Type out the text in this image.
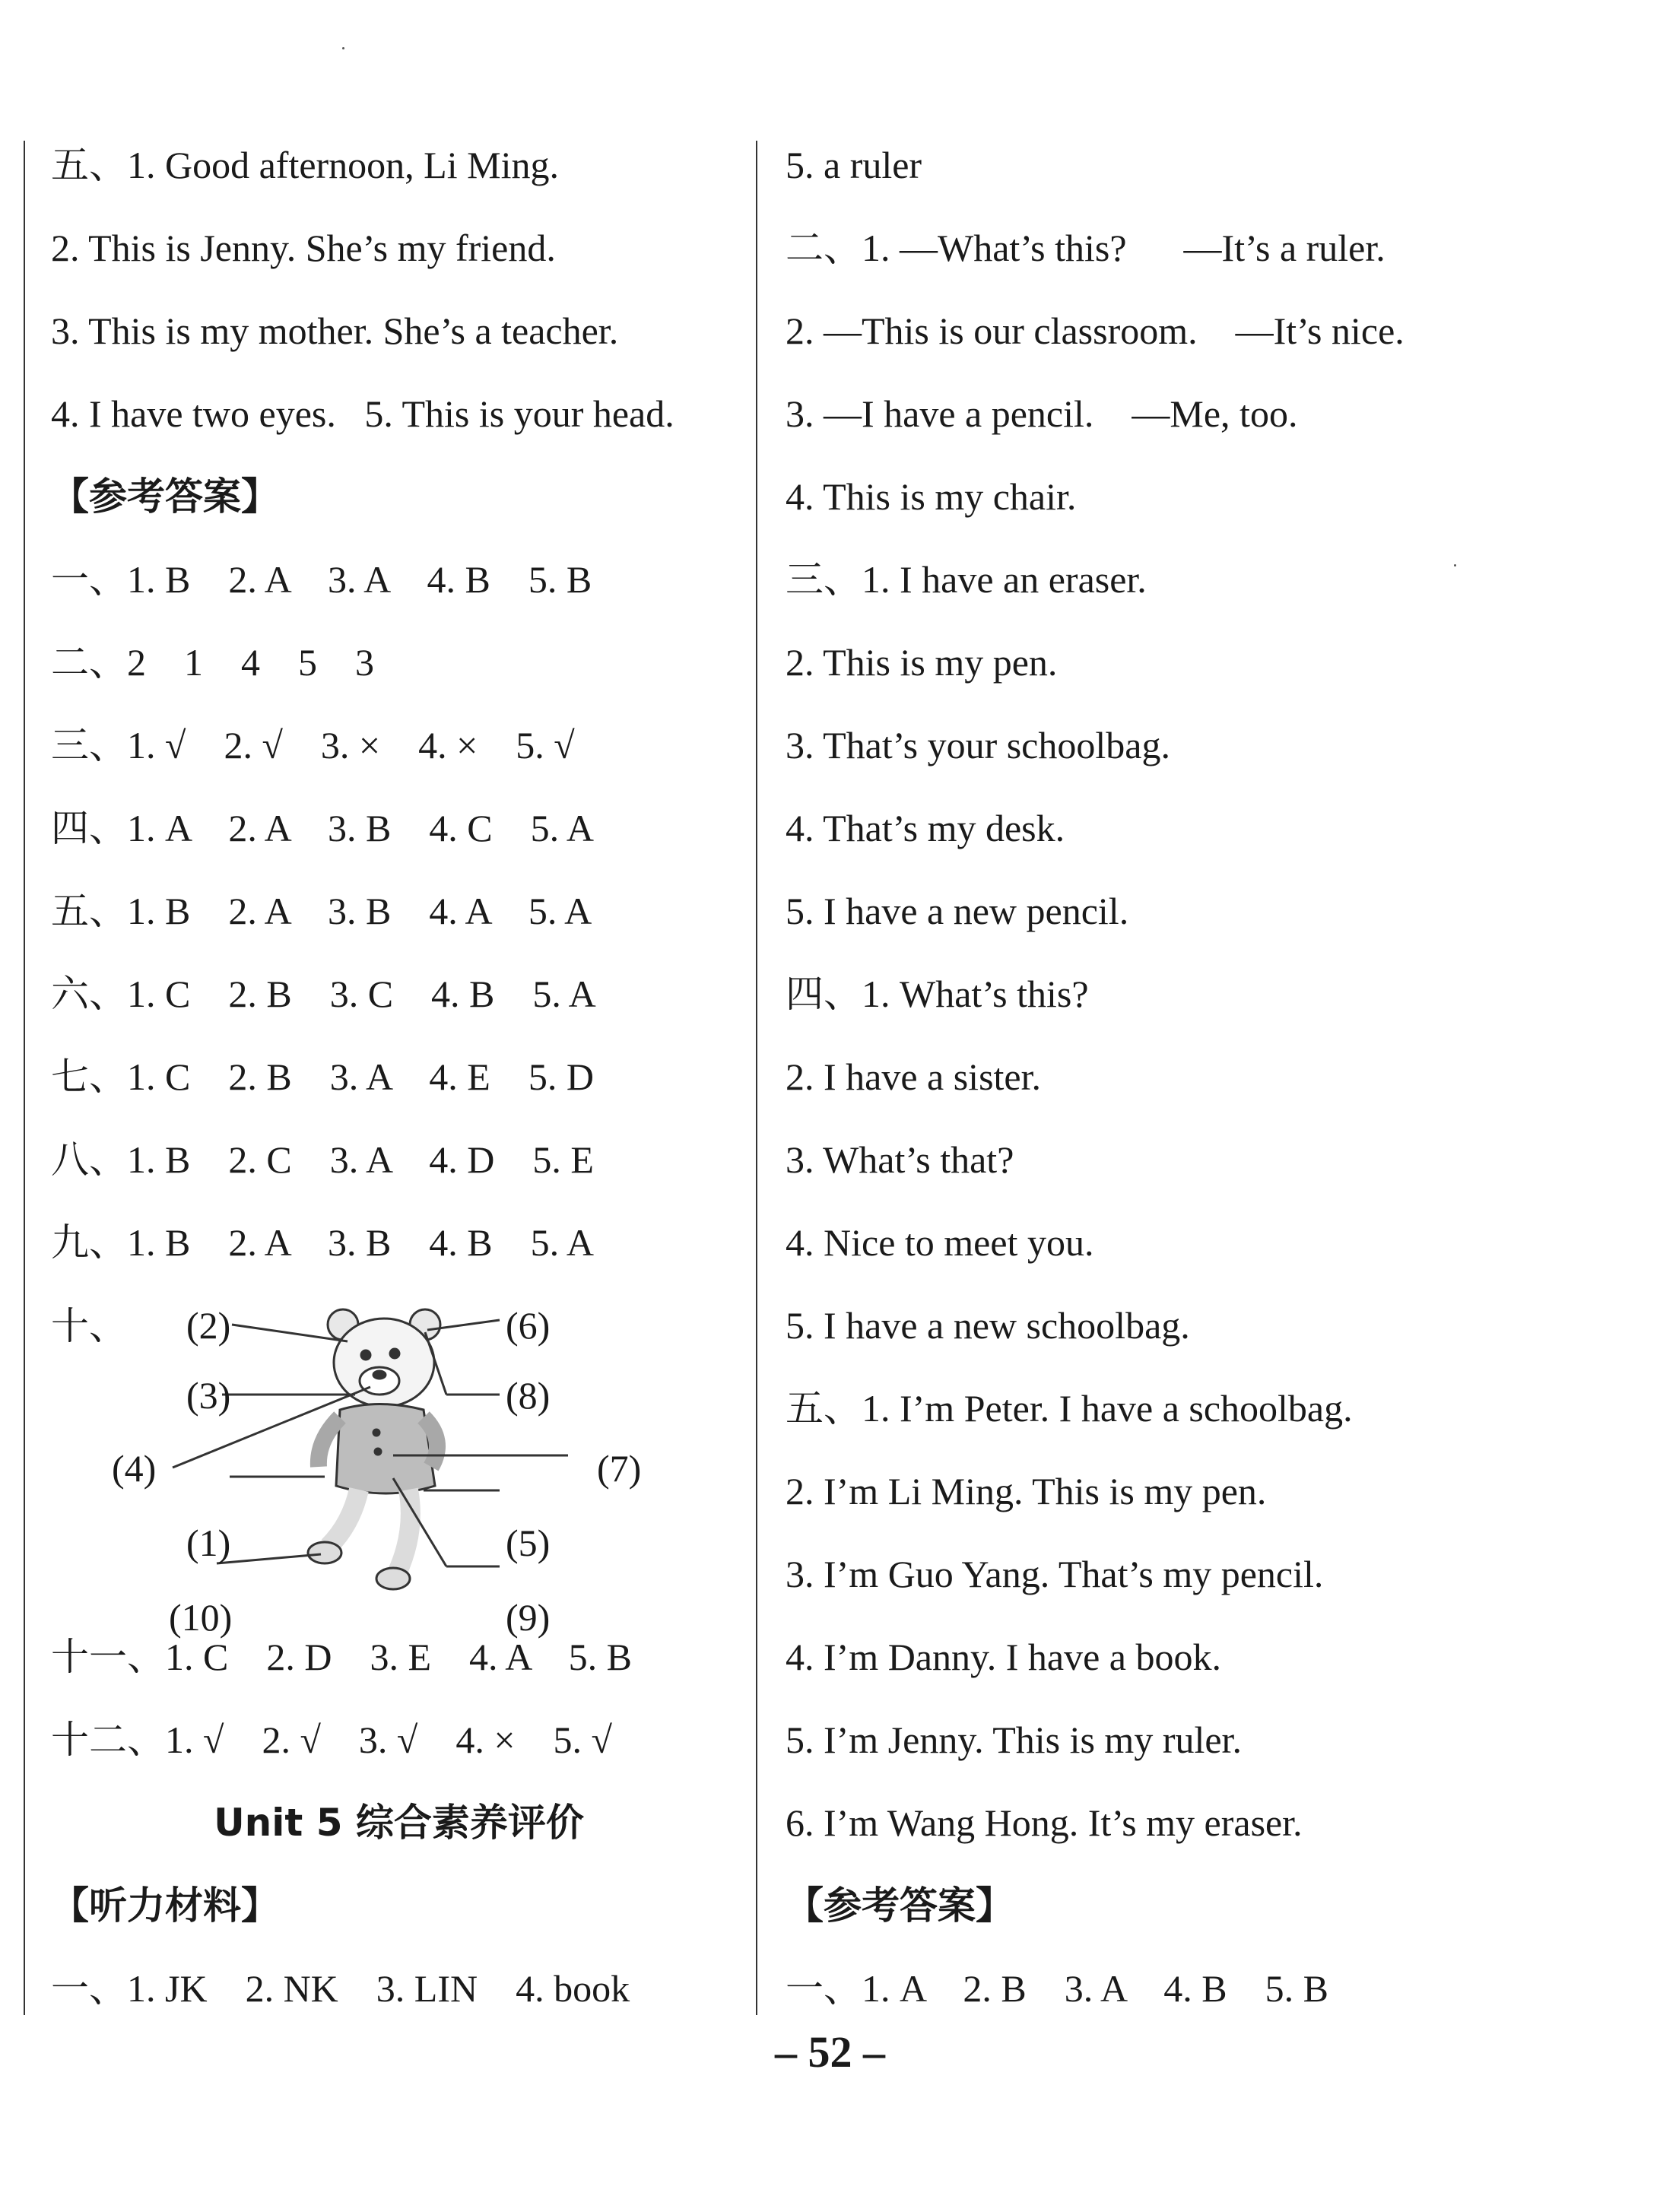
五、1. Good afternoon, Li Ming.
2. This is Jenny. She’s my friend.
3. This is my mother. She’s a teacher.
4. I have two eyes.   5. This is your head.
【参考答案】
一、1. B    2. A    3. A    4. B    5. B
二、2    1    4    5    3
三、1. √    2. √    3. ×    4. ×    5. √
四、1. A    2. A    3. B    4. C    5. A
五、1. B    2. A    3. B    4. A    5. A
六、1. C    2. B    3. C    4. B    5. A
七、1. C    2. B    3. A    4. E    5. D
八、1. B    2. C    3. A    4. D    5. E
九、1. B    2. A    3. B    4. B    5. A
十、 (2)	(6)
(3)	(8)
(4)	(7)
(1)	(5)
(10)	(9)
十一、1. C    2. D    3. E    4. A    5. B
十二、1. √    2. √    3. √    4. ×    5. √
Unit 5 综合素养评价
【听力材料】
一、1. JK    2. NK    3. LIN    4. book
5. a ruler
二、1. —What’s this?      —It’s a ruler.
2. —This is our classroom.    —It’s nice.
3. —I have a pencil.    —Me, too.
4. This is my chair.
三、1. I have an eraser.
2. This is my pen.
3. That’s your schoolbag.
4. That’s my desk.
5. I have a new pencil.
四、1. What’s this?
2. I have a sister.
3. What’s that?
4. Nice to meet you.
5. I have a new schoolbag.
五、1. I’m Peter. I have a schoolbag.
2. I’m Li Ming. This is my pen.
3. I’m Guo Yang. That’s my pencil.
4. I’m Danny. I have a book.
5. I’m Jenny. This is my ruler.
6. I’m Wang Hong. It’s my eraser.
【参考答案】
一、1. A    2. B    3. A    4. B    5. B
– 52 –
